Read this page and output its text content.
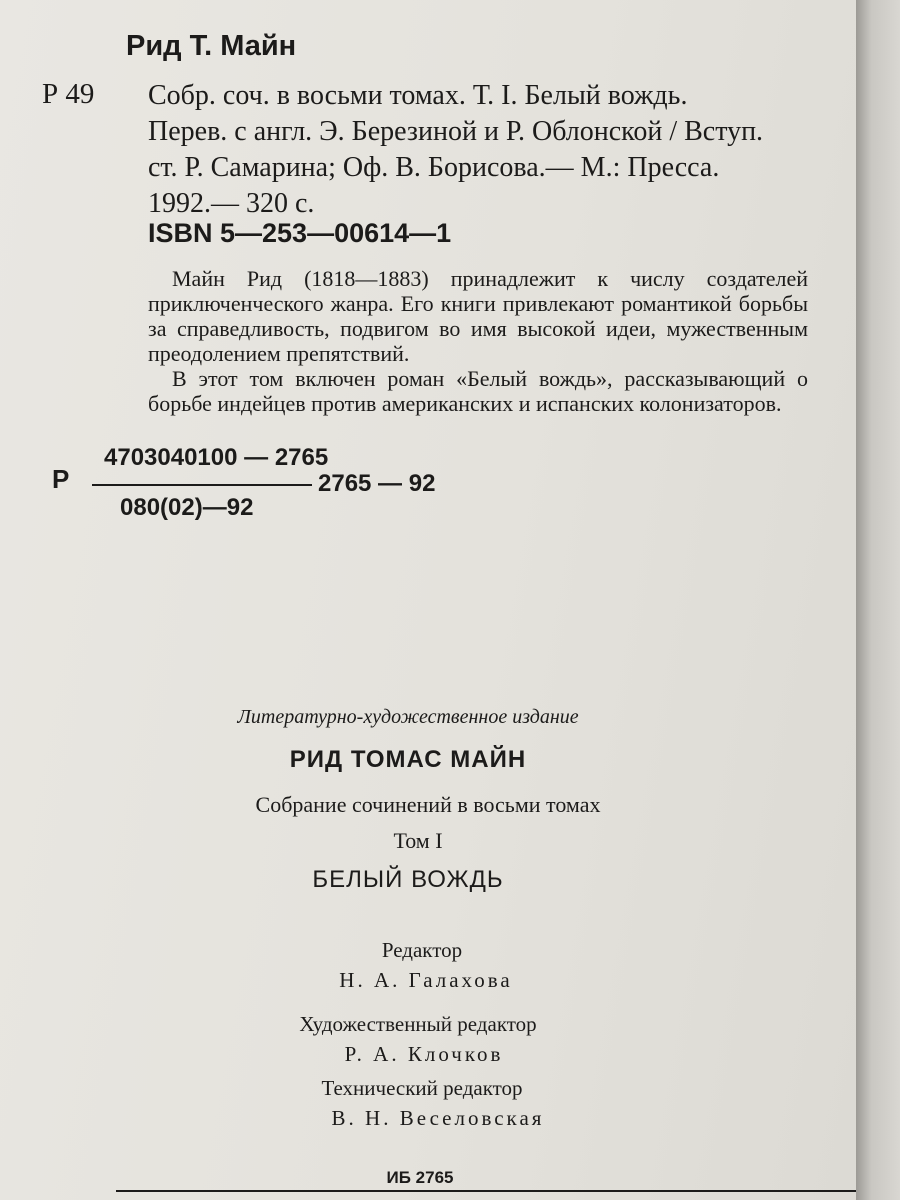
Рид Т. Майн
Р 49 Собр. соч. в восьми томах. Т. I. Белый вождь.
Перев. с англ. Э. Березиной и Р. Облонской / Вступ.
ст. Р. Самарина; Оф. В. Борисова.— М.: Пресса.
1992.— 320 с.
ISBN 5—253—00614—1

Майн Рид (1818—1883) принадлежит к числу создателей приключенческого жанра. Его книги привлекают романтикой борьбы за справедливость, подвигом во имя высокой идеи, мужественным преодолением препятствий.

В этот том включен роман «Белый вождь», рассказывающий о борьбе индейцев против американских и испанских колонизаторов.

Р
4703040100 — 2765
080(02)—92
2765 — 92
Литературно-художественное издание
РИД ТОМАС МАЙН
Собрание сочинений в восьми томах
Том I
БЕЛЫЙ ВОЖДЬ
Редактор
Н. А. Галахова
Художественный редактор
Р. А. Клочков
Технический редактор
В. Н. Веселовская
ИБ 2765
